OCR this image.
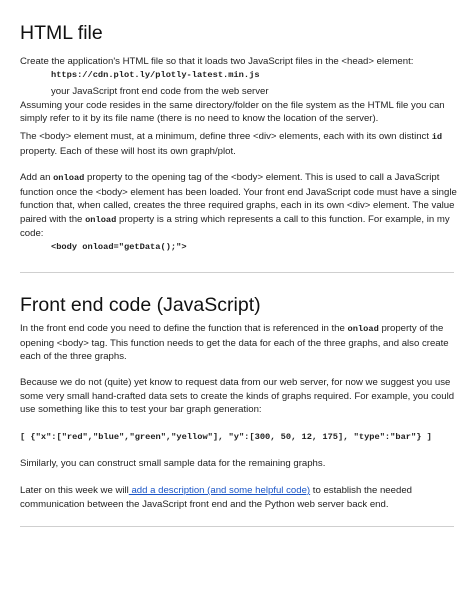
HTML file
Create the application's HTML file so that it loads two JavaScript files in the <head> element:
https://cdn.plot.ly/plotly-latest.min.js
your JavaScript front end code from the web server
Assuming your code resides in the same directory/folder on the file system as the HTML file you can simply refer to it by its file name (there is no need to know the location of the server).
The <body> element must, at a minimum, define three <div> elements, each with its own distinct id property. Each of these will host its own graph/plot.
Add an onload property to the opening tag of the <body> element. This is used to call a JavaScript function once the <body> element has been loaded. Your front end JavaScript code must have a single function that, when called, creates the three required graphs, each in its own <div> element. The value paired with the onload property is a string which represents a call to this function. For example, in my code:
<body onload="getData();">
Front end code (JavaScript)
In the front end code you need to define the function that is referenced in the onload property of the opening <body> tag. This function needs to get the data for each of the three graphs, and also create each of the three graphs.
Because we do not (quite) yet know to request data from our web server, for now we suggest you use some very small hand-crafted data sets to create the kinds of graphs required. For example, you could use something like this to test your bar graph generation:
[ {"x":["red","blue","green","yellow"], "y":[300, 50, 12, 175], "type":"bar"} ]
Similarly, you can construct small sample data for the remaining graphs.
Later on this week we will add a description (and some helpful code) to establish the needed communication between the JavaScript front end and the Python web server back end.
